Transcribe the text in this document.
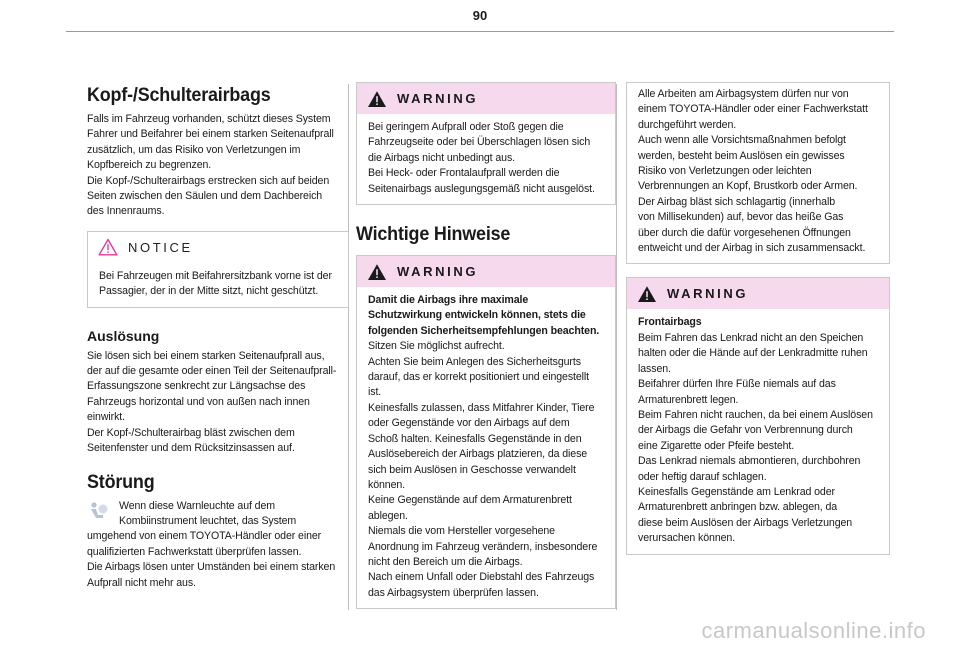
90
Kopf-/Schulterairbags

Falls im Fahrzeug vorhanden, schützt dieses System
Fahrer und Beifahrer bei einem starken Seitenaufprall
zusätzlich, um das Risiko von Verletzungen im
Kopfbereich zu begrenzen.
Die Kopf-/Schulterairbags erstrecken sich auf beiden
Seiten zwischen den Säulen und dem Dachbereich
des Innenraums.

NOTICE

Bei Fahrzeugen mit Beifahrersitzbank vorne ist der
Passagier, der in der Mitte sitzt, nicht geschützt.

Auslösung

Sie lösen sich bei einem starken Seitenaufprall aus,
der auf die gesamte oder einen Teil der Seitenaufprall-
Erfassungszone senkrecht zur Längsachse des
Fahrzeugs horizontal und von außen nach innen
einwirkt.
Der Kopf-/Schulterairbag bläst zwischen dem
Seitenfenster und dem Rücksitzinsassen auf.

Störung

Wenn diese Warnleuchte auf dem
Kombiinstrument leuchtet, das System

umgehend von einem TOYOTA-Händler oder einer
qualifizierten Fachwerkstatt überprüfen lassen.
Die Airbags lösen unter Umständen bei einem starken
Aufprall nicht mehr aus.

WARNING

Bei geringem Aufprall oder Stoß gegen die
Fahrzeugseite oder bei Überschlagen lösen sich
die Airbags nicht unbedingt aus.
Bei Heck- oder Frontalaufprall werden die
Seitenairbags auslegungsgemäß nicht ausgelöst.

Wichtige Hinweise
WARNING

Damit die Airbags ihre maximale
Schutzwirkung entwickeln können, stets die
folgenden Sicherheitsempfehlungen beachten.

Sitzen Sie möglichst aufrecht.
Achten Sie beim Anlegen des Sicherheitsgurts
darauf, das er korrekt positioniert und eingestellt
ist.
Keinesfalls zulassen, dass Mitfahrer Kinder, Tiere
oder Gegenstände vor den Airbags auf dem
Schoß halten. Keinesfalls Gegenstände in den
Auslösebereich der Airbags platzieren, da diese
sich beim Auslösen in Geschosse verwandelt
können.
Keine Gegenstände auf dem Armaturenbrett
ablegen.
Niemals die vom Hersteller vorgesehene
Anordnung im Fahrzeug verändern, insbesondere
nicht den Bereich um die Airbags.
Nach einem Unfall oder Diebstahl des Fahrzeugs
das Airbagsystem überprüfen lassen.

Alle Arbeiten am Airbagsystem dürfen nur von
einem TOYOTA-Händler oder einer Fachwerkstatt
durchgeführt werden.
Auch wenn alle Vorsichtsmaßnahmen befolgt
werden, besteht beim Auslösen ein gewisses
Risiko von Verletzungen oder leichten
Verbrennungen an Kopf, Brustkorb oder Armen.
Der Airbag bläst sich schlagartig (innerhalb
von Millisekunden) auf, bevor das heiße Gas
über durch die dafür vorgesehenen Öffnungen
entweicht und der Airbag in sich zusammensackt.

WARNING

Frontairbags

Beim Fahren das Lenkrad nicht an den Speichen
halten oder die Hände auf der Lenkradmitte ruhen
lassen.
Beifahrer dürfen Ihre Füße niemals auf das
Armaturenbrett legen.
Beim Fahren nicht rauchen, da bei einem Auslösen
der Airbags die Gefahr von Verbrennung durch
eine Zigarette oder Pfeife besteht.
Das Lenkrad niemals abmontieren, durchbohren
oder heftig darauf schlagen.
Keinesfalls Gegenstände am Lenkrad oder
Armaturenbrett anbringen bzw. ablegen, da
diese beim Auslösen der Airbags Verletzungen
verursachen können.

carmanualsonline.info
